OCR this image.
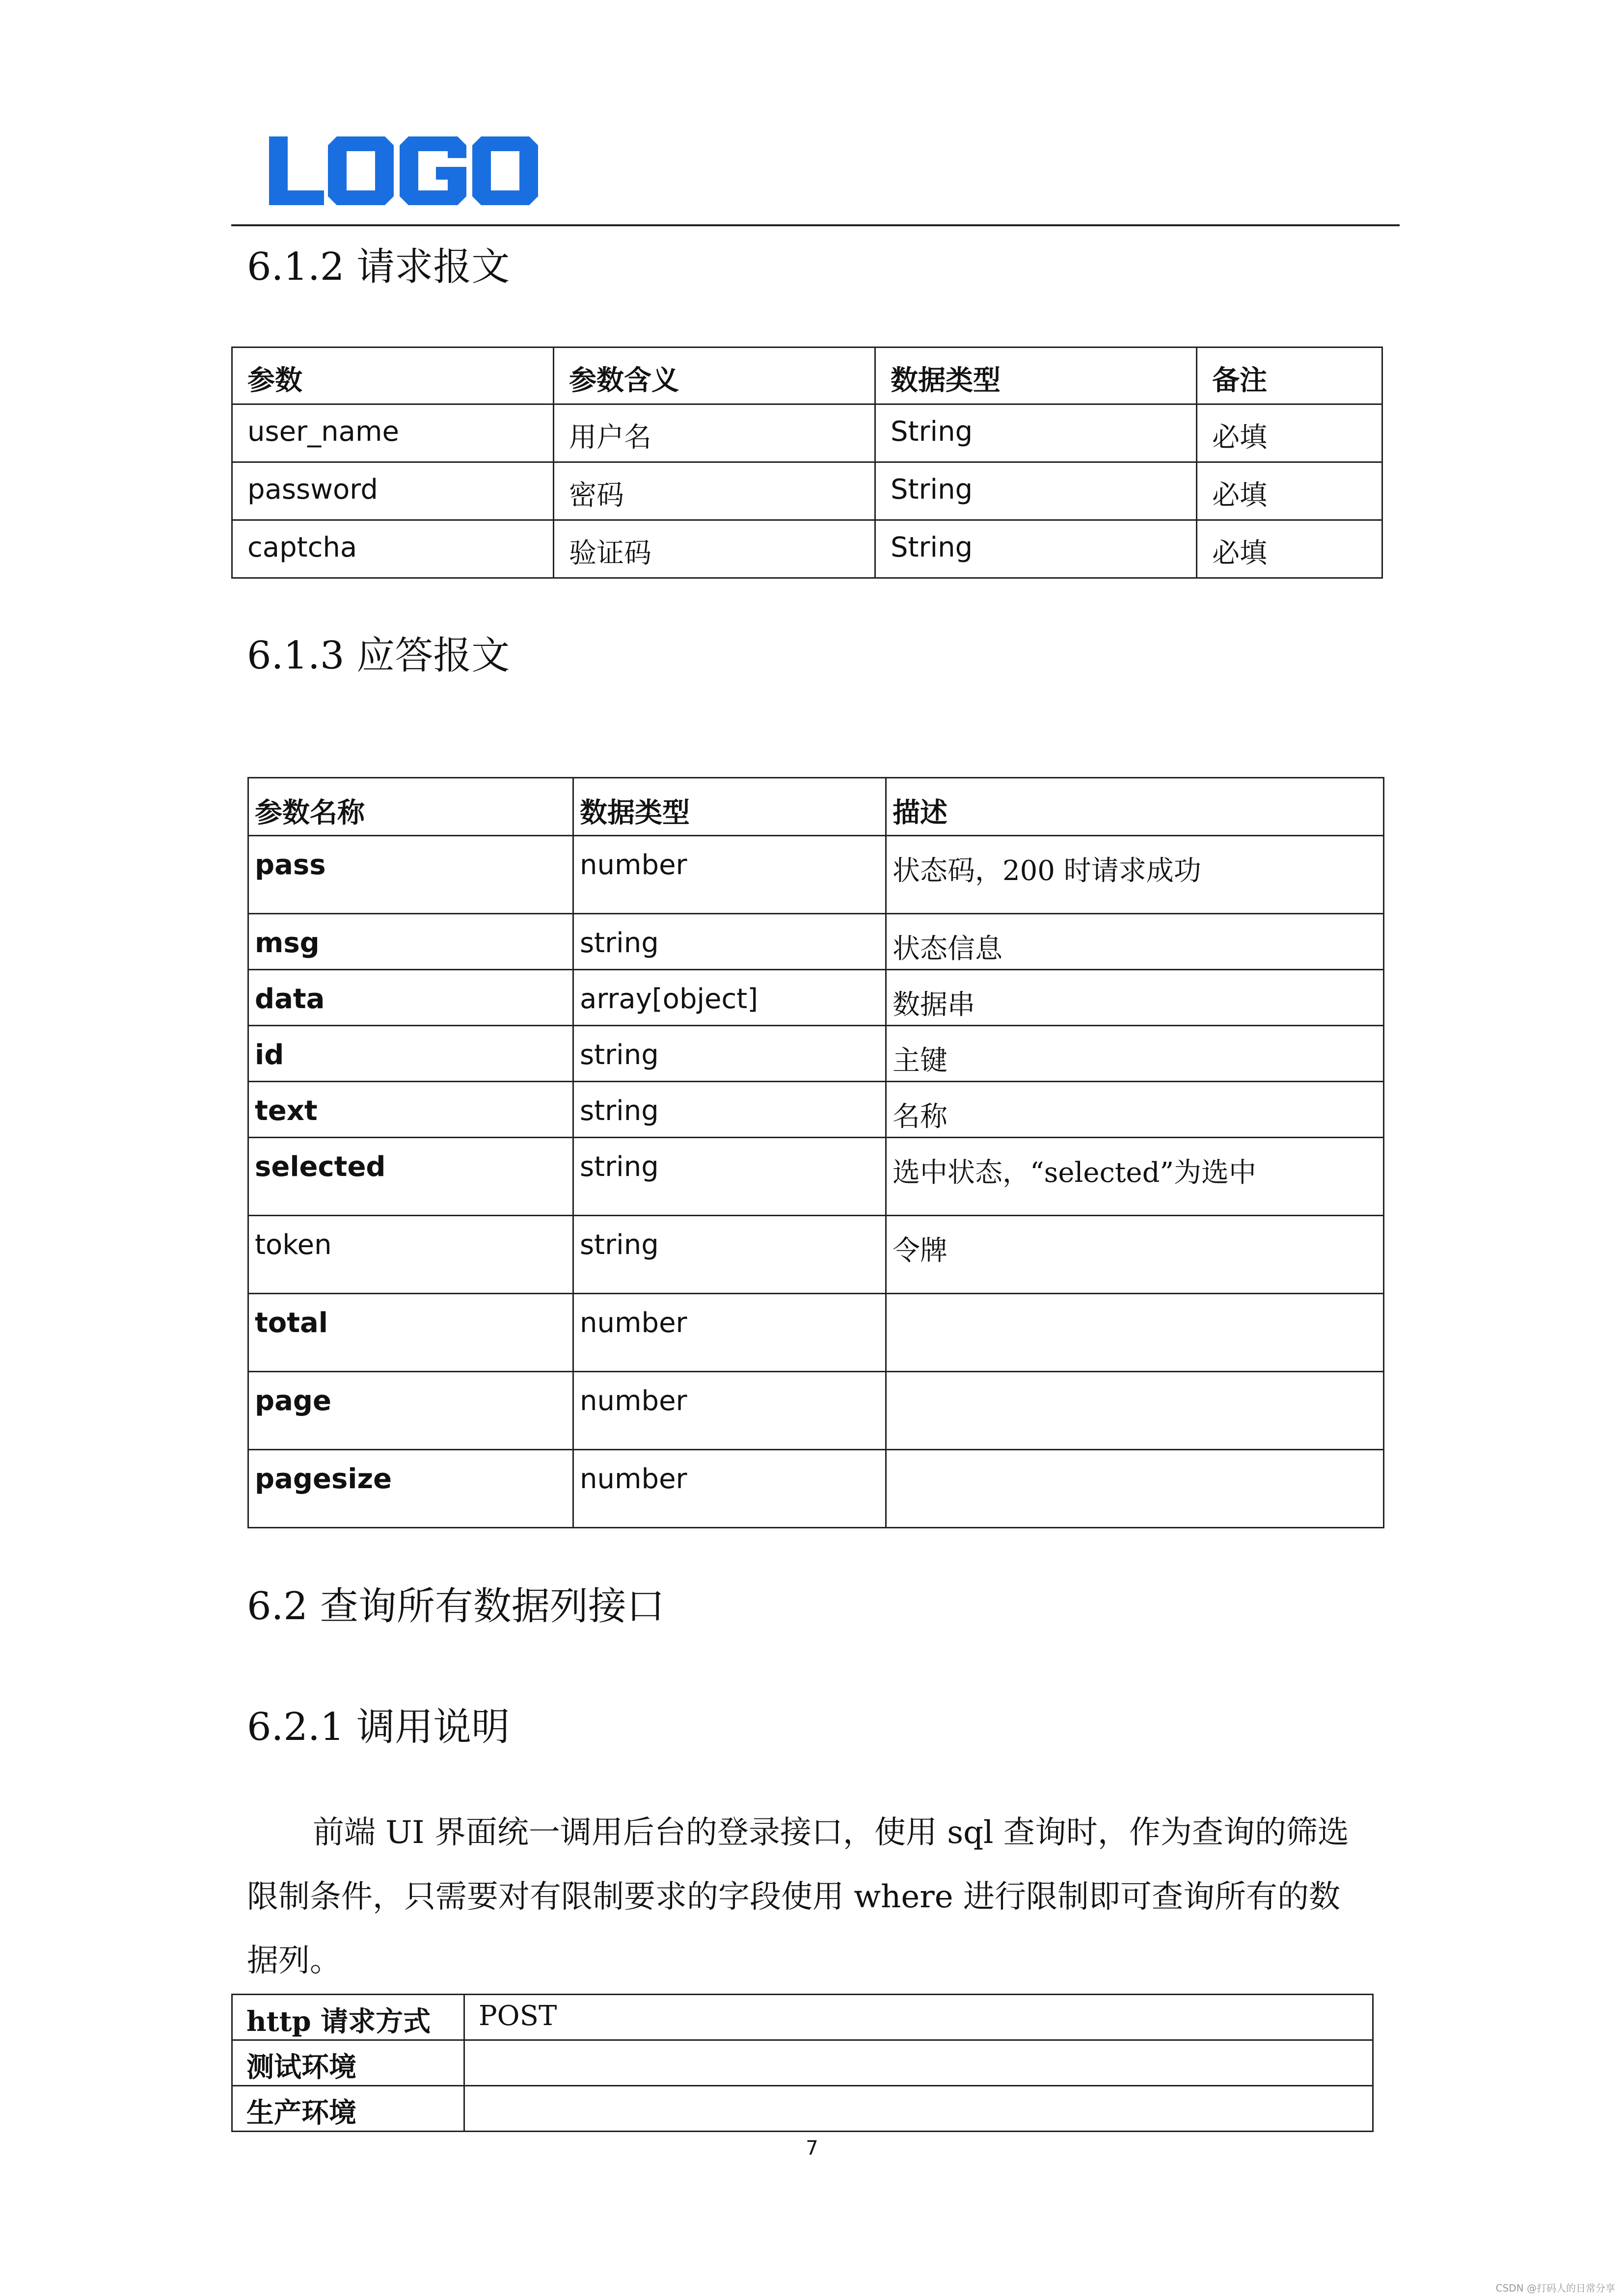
LOGO
6.1.2 请求报文
参数	参数含义	数据类型	备注
user_name	用户名	String	必填
password	密码	String	必填
captcha	验证码	String	必填
6.1.3 应答报文
参数名称	数据类型	描述
pass	number	状态码，200 时请求成功
msg	string	状态信息
data	array[object]	数据串
id	string	主键
text	string	名称
selected	string	选中状态，“selected”为选中
token	string	令牌
total	number	
page	number	
pagesize	number	
6.2 查询所有数据列接口
6.2.1 调用说明
前端 UI 界面统一调用后台的登录接口，使用 sql 查询时，作为查询的筛选
限制条件，只需要对有限制要求的字段使用 where 进行限制即可查询所有的数
据列。
http 请求方式	POST
测试环境	
生产环境	
7
CSDN @打码人的日常分享
